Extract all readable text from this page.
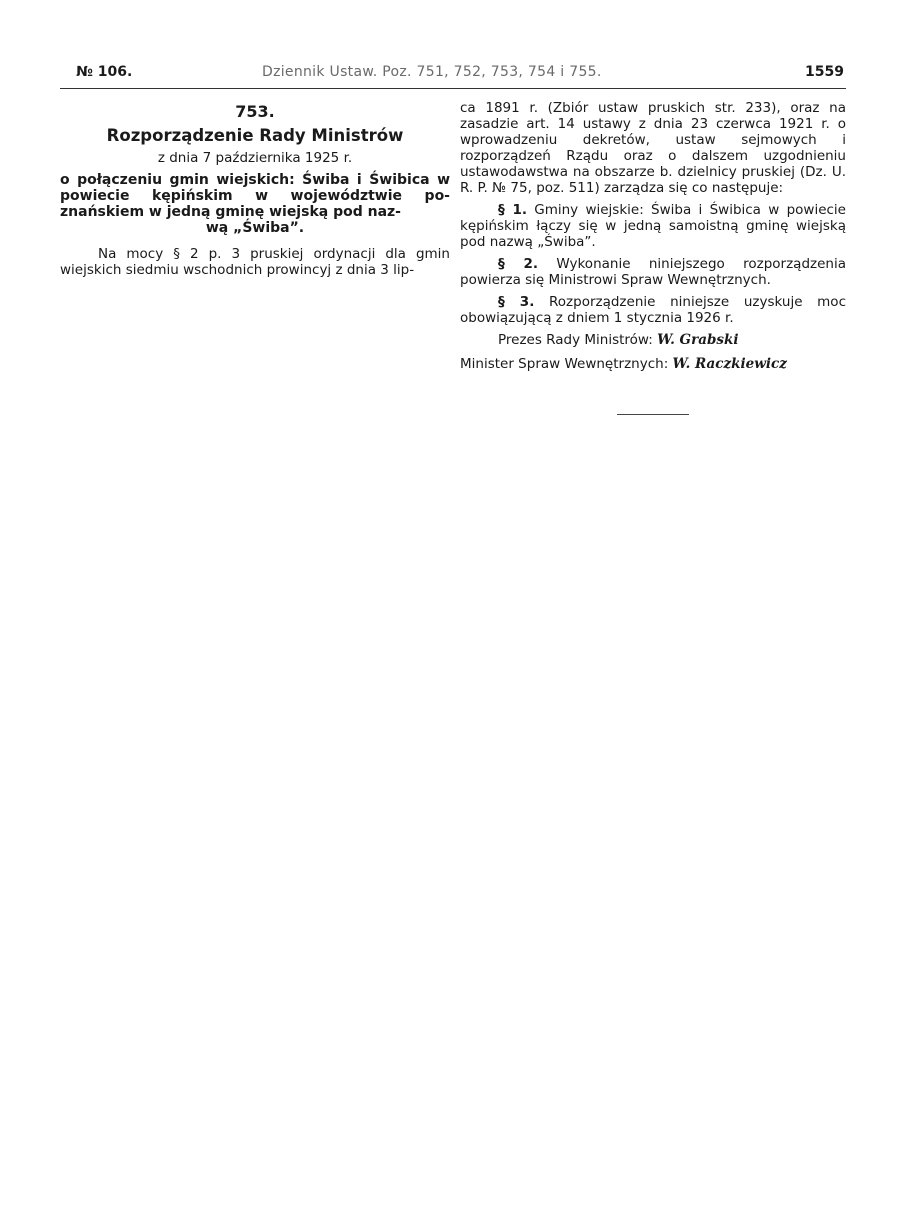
№ 106.	Dziennik Ustaw. Poz. 751, 752, 753, 754 i 755.	1559
753.
Rozporządzenie Rady Ministrów
z dnia 7 października 1925 r.
o połączeniu gmin wiejskich: Świba i Świbica w powiecie kępińskim w województwie po- znańskiem w jedną gminę wiejską pod naz-
wą „Świba”.

Na mocy § 2 p. 3 pruskiej ordynacji dla gmin wiejskich siedmiu wschodnich prowincyj z dnia 3 lip-

ca 1891 r. (Zbiór ustaw pruskich str. 233), oraz na zasadzie art. 14 ustawy z dnia 23 czerwca 1921 r. o wprowadzeniu dekretów, ustaw sejmowych i rozporządzeń Rządu oraz o dalszem uzgodnieniu ustawodawstwa na obszarze b. dzielnicy pruskiej (Dz. U. R. P. № 75, poz. 511) zarządza się co następuje:

§ 1. Gminy wiejskie: Świba i Świbica w powiecie kępińskim łączy się w jedną samoistną gminę wiejską pod nazwą „Świba”.

§ 2. Wykonanie niniejszego rozporządzenia powierza się Ministrowi Spraw Wewnętrznych.

§ 3. Rozporządzenie niniejsze uzyskuje moc obowiązującą z dniem 1 stycznia 1926 r.

Prezes Rady Ministrów: W. Grabski
Minister Spraw Wewnętrznych: W. Raczkiewicz
